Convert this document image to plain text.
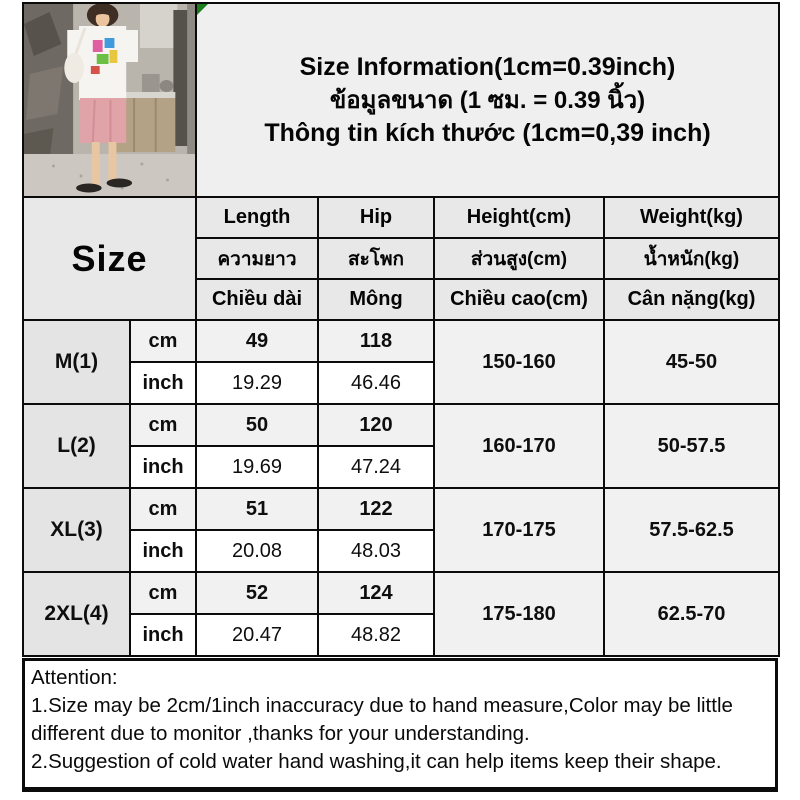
Size Information(1cm=0.39inch)
ข้อมูลขนาด (1 ซม. = 0.39 นิ้ว)
Thông tin kích thước (1cm=0,39 inch)			

Size		Length	Hip	Height(cm)	Weight(kg)
		ความยาว	สะโพก	ส่วนสูง(cm)	น้ำหนัก(kg)
		Chiều dài	Mông	Chiều cao(cm)	Cân nặng(kg)
M(1)	cm	49	118	150-160	45-50
	inch	19.29	46.46		
L(2)	cm	50	120	160-170	50-57.5
	inch	19.69	47.24		
XL(3)	cm	51	122	170-175	57.5-62.5
	inch	20.08	48.03		
2XL(4)	cm	52	124	175-180	62.5-70
	inch	20.47	48.82		
Attention:
1.Size may be 2cm/1inch inaccuracy due to hand measure,Color may be little different due to monitor ,thanks for your understanding.
2.Suggestion of cold water hand washing,it can help items keep their shape.
